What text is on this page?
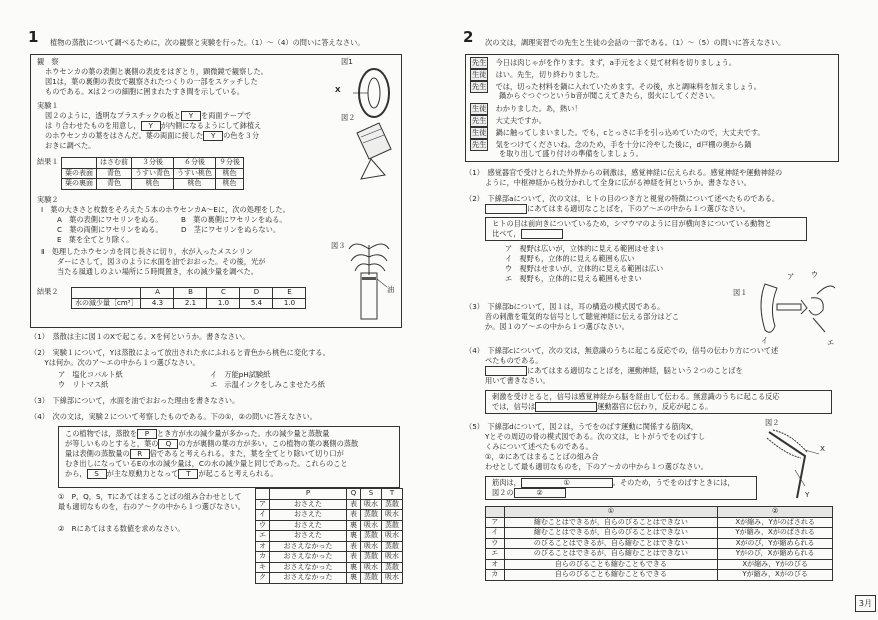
1 植物の蒸散について調べるために，次の観察と実験を行った。（1）～（4）の問いに答えなさい。
観　察
ホウセンカの葉の表側と裏側の表皮をはぎとり，顕微鏡で観察した。
図1は，葉の裏側の表皮で観察されたつくりの一部をスケッチした
ものである。Xは２つの細胞に囲まれたすき間を示している。
図1
X
実験１
図２のように，透明なプラスチックの板と Y を両面テープで
は り合わせたものを用意し， Y が内側になるようにして鉢植え
のホウセンカの葉をはさんだ。葉の両面に接した Y の色を３分
おきに調べた。
図２
結果１
		はさむ前	３分後	６分後	９分後
葉の表面	青色	うすい青色	うすい桃色	桃色
葉の裏面	青色	桃色	桃色	桃色
実験２
Ⅰ　葉の大きさと枚数をそろえた５本のホウセンカA～Eに，次の処理をした。
A　 葉の表側にワセリンをぬる。	B　 葉の裏側にワセリンをぬる。
C　 葉の両側にワセリンをぬる。	D　 茎にワセリンをぬらない。
E　 葉を全てとり除く。
Ⅱ　処理したホウセンカを同じ長さに切り，水が入ったメスシリン
ダーにさして，図３のように水面を油でおおった。その後，光が
当たる風通しのよい場所に５時間置き，水の減少量を調べた。
図３
油
結果２
		A	B	C	D	E
水の減少量［cm³］	4.3	2.1	1.0	5.4	1.0
（1）　蒸散は主に図１のXで起こる。Xを何というか。書きなさい。
（2）　実験１について，Yは蒸散によって放出された水にふれると青色から桃色に変化する。
　　Yは何か。次のア～エの中から１つ選びなさい。
ア　 塩化コバルト紙	イ　 万能pH試験紙
ウ　 リトマス紙	エ　 示温インクをしみこませたろ紙
（3）　下線部について，水面を油でおおった理由を書きなさい。
（4）　次の文は，実験２について考察したものである。下の①，②の問いに答えなさい。
この植物では，蒸散を P とき方が水の減少量が多かった。水の減少量と蒸散量
が等しいものとすると，葉の Q の方が裏側の葉の方が多い。この植物の葉の裏側の蒸散
量は表側の蒸散量の R 倍であると考えられる。また，葉を全てとり除いて切り口が
むき出しになっているEの水の減少量は，Cの水の減少量と同じであった。これらのこと
から， S が主な原動力となって T が起こると考えられる。
①　P，Q，S，Tにあてはまることばの組み合わせとして最も適切なものを，右のア～クの中から１つ選びなさい。
②　Rにあてはまる数値を求めなさい。
	P	Q	S	T
ア	おさえた	表	吸水	蒸散
イ	おさえた	表	蒸散	吸水
ウ	おさえた	裏	吸水	蒸散
エ	おさえた	裏	蒸散	吸水
オ	おさえなかった	表	吸水	蒸散
カ	おさえなかった	表	蒸散	吸水
キ	おさえなかった	裏	吸水	蒸散
ク	おさえなかった	裏	蒸散	吸水
2 次の文は，調理実習での先生と生徒の会話の一部である。（1）～（5）の問いに答えなさい。
先生　 今日は肉じゃがを作ります。まず，a手元をよく見て材料を切りましょう。
生徒　 はい。先生，切り終わりました。
先生　 では，切った材料を鍋に入れていためます。その後，水と調味料を加えましょう。
鍋からぐつぐつというb音が聞こえてきたら，弱火にしてください。
生徒　 わかりました。あ，熱い！
先生　 大丈夫ですか。
生徒　 鍋に触ってしまいました。でも，cとっさに手を引っ込めていたので，大丈夫です。
先生　 気をつけてくださいね。念のため，手を十分に冷やした後に，d戸棚の奥から鍋
を取り出して盛り付けの準備をしましょう。
（1）　感覚器官で受けとられた外界からの刺激は，感覚神経に伝えられる。感覚神経や運動神経の
ように，中枢神経から枝分かれして全身に広がる神経を何というか。書きなさい。
（2）　下線部aについて，次の文は，ヒトの目のつき方と視覚の特徴について述べたものである。
にあてはまる適切なことばを，下のア～エの中から１つ選びなさい。
ヒトの目は前向きについているため，シマウマのように目が横向きについている動物と
比べて，
ア　 視野は広いが，立体的に見える範囲はせまい
イ　 視野も，立体的に見える範囲も広い
ウ　 視野はせまいが，立体的に見える範囲は広い
エ　 視野も，立体的に見える範囲もせまい
図１
ア
イ
ウ
エ
（3）　下線部bについて，図１は，耳の構造の模式図である。
音の刺激を電気的な信号として聴覚神経に伝える部分はどこ
か。図１のア～エの中から１つ選びなさい。
（4）　下線部cについて，次の文は，無意識のうちに起こる反応での，信号の伝わり方について述
べたものである。
にあてはまる適切なことばを，運動神経，脳という２つのことばを
用いて書きなさい。
刺激を受けとると，信号は感覚神経から脳を経由して伝わる。無意識のうちに起こる反応
では，信号は	運動器官に伝わり，反応が起こる。
（5）　下線部dについて，図２は，うでをのばす運動に関係する筋肉X，
Yとその周辺の骨の模式図である。次の文は，ヒトがうでをのばすし
くみについて述べたものである。
①，②にあてはまることばの組み合
わせとして最も適切なものを，下のア～カの中から１つ選びなさい。
図２
X
Y
筋肉は，	①	。そのため，うでをのばすときには，
図２の	②
	①	②
ア	縮むことはできるが，自らのびることはできない	Xが縮み，Yがのばされる
イ	縮むことはできるが，自らのびることはできない	Yが縮み，Xがのばされる
ウ	のびることはできるが，自ら縮むことはできない	Xがのび，Yが縮められる
エ	のびることはできるが，自ら縮むことはできない	Yがのび，Xが縮められる
オ	自らのびることも縮むこともできる	Xが縮み，Yがのびる
カ	自らのびることも縮むこともできる	Yが縮み，Xがのびる
3月
